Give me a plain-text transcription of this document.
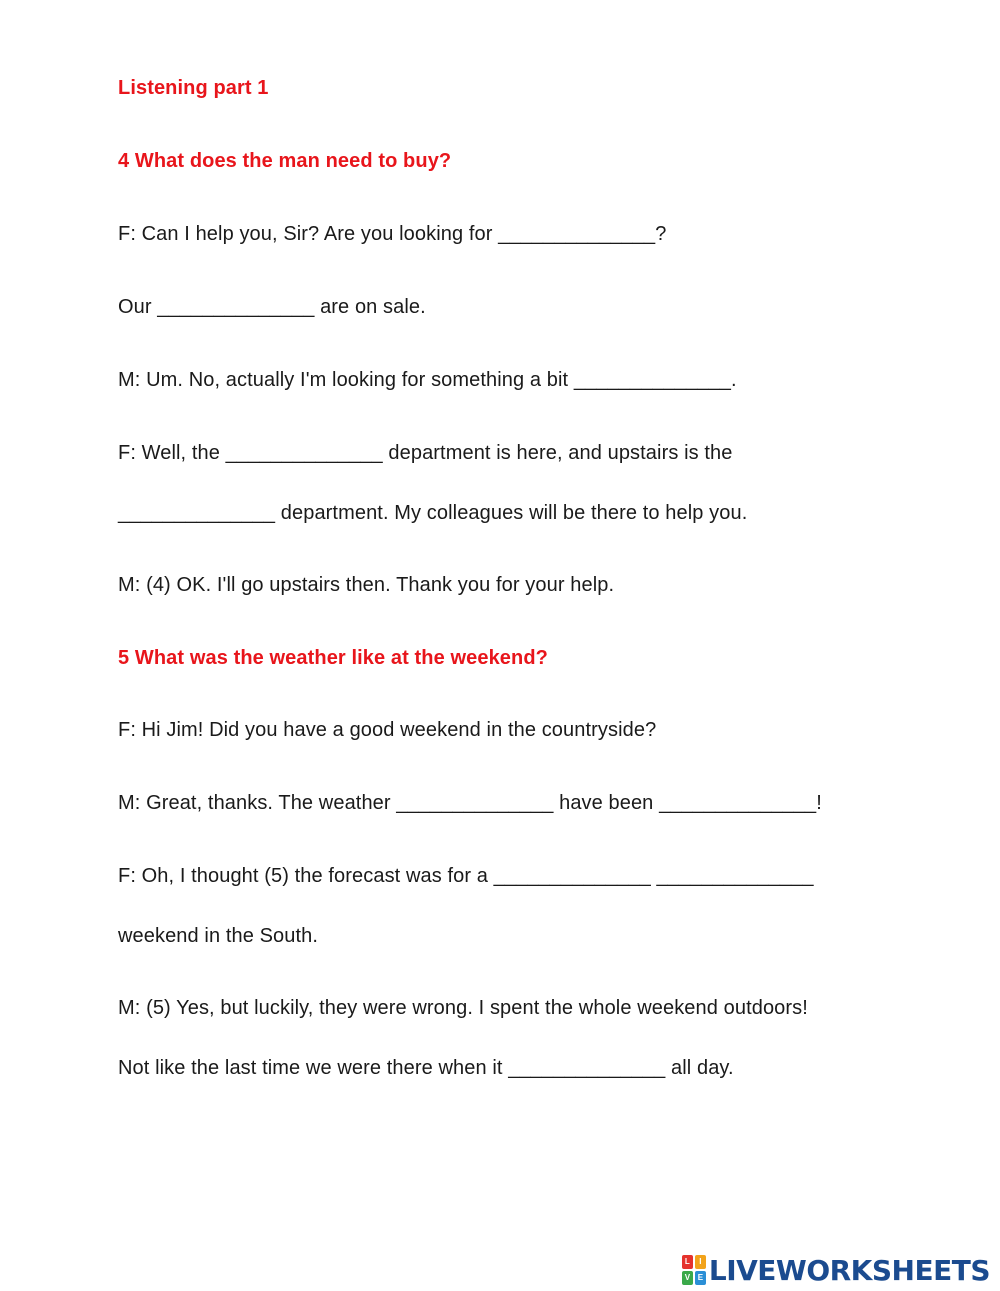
Listening part 1

4 What does the man need to buy?

F: Can I help you, Sir? Are you looking for ______________?

Our ______________ are on sale.

M: Um. No, actually I'm looking for something a bit ______________.

F: Well, the ______________ department is here, and upstairs is the

______________ department. My colleagues will be there to help you.

M: (4) OK. I'll go upstairs then. Thank you for your help.

5 What was the weather like at the weekend?

F: Hi Jim! Did you have a good weekend in the countryside?

M: Great, thanks. The weather ______________ have been ______________!

F: Oh, I thought (5) the forecast was for a ______________ ______________

weekend in the South.

M: (5) Yes, but luckily, they were wrong. I spent the whole weekend outdoors!

Not like the last time we were there when it ______________ all day.

L	I
V E LIVEWORKSHEETS
